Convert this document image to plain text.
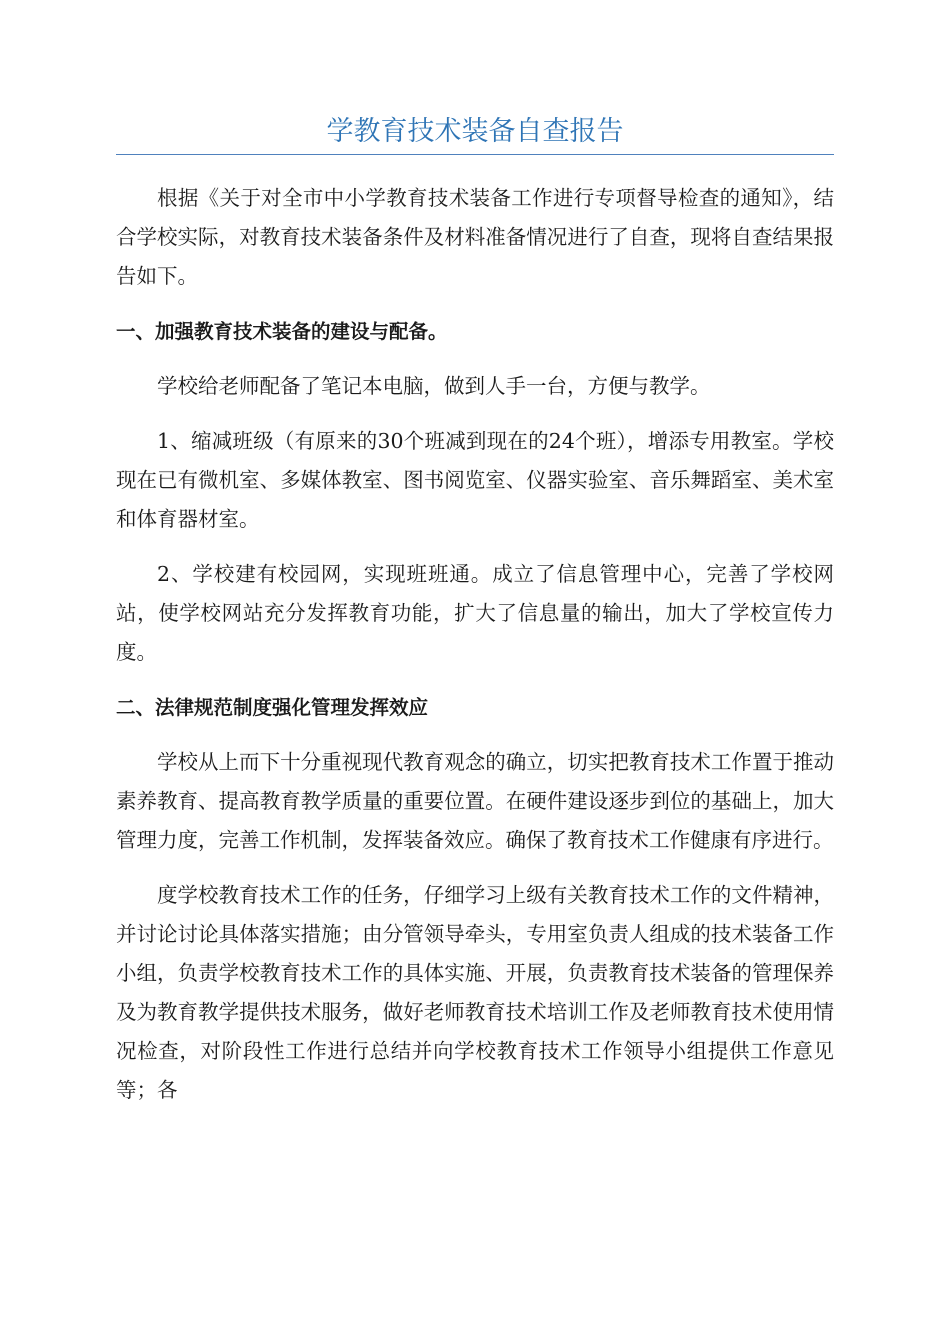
学教育技术装备自查报告

根据《关于对全市中小学教育技术装备工作进行专项督导检查的通知》，结合学校实际，对教育技术装备条件及材料准备情况进行了自查，现将自查结果报告如下。

一、加强教育技术装备的建设与配备。

学校给老师配备了笔记本电脑，做到人手一台，方便与教学。

1、缩减班级（有原来的30个班减到现在的24个班），增添专用教室。学校现在已有微机室、多媒体教室、图书阅览室、仪器实验室、音乐舞蹈室、美术室和体育器材室。

2、学校建有校园网，实现班班通。成立了信息管理中心，完善了学校网站，使学校网站充分发挥教育功能，扩大了信息量的输出，加大了学校宣传力度。

二、法律规范制度强化管理发挥效应

学校从上而下十分重视现代教育观念的确立，切实把教育技术工作置于推动素养教育、提高教育教学质量的重要位置。在硬件建设逐步到位的基础上，加大管理力度，完善工作机制，发挥装备效应。确保了教育技术工作健康有序进行。

度学校教育技术工作的任务，仔细学习上级有关教育技术工作的文件精神，并讨论讨论具体落实措施；由分管领导牵头，专用室负责人组成的技术装备工作小组，负责学校教育技术工作的具体实施、开展，负责教育技术装备的管理保养及为教育教学提供技术服务，做好老师教育技术培训工作及老师教育技术使用情况检查，对阶段性工作进行总结并向学校教育技术工作领导小组提供工作意见等；各
